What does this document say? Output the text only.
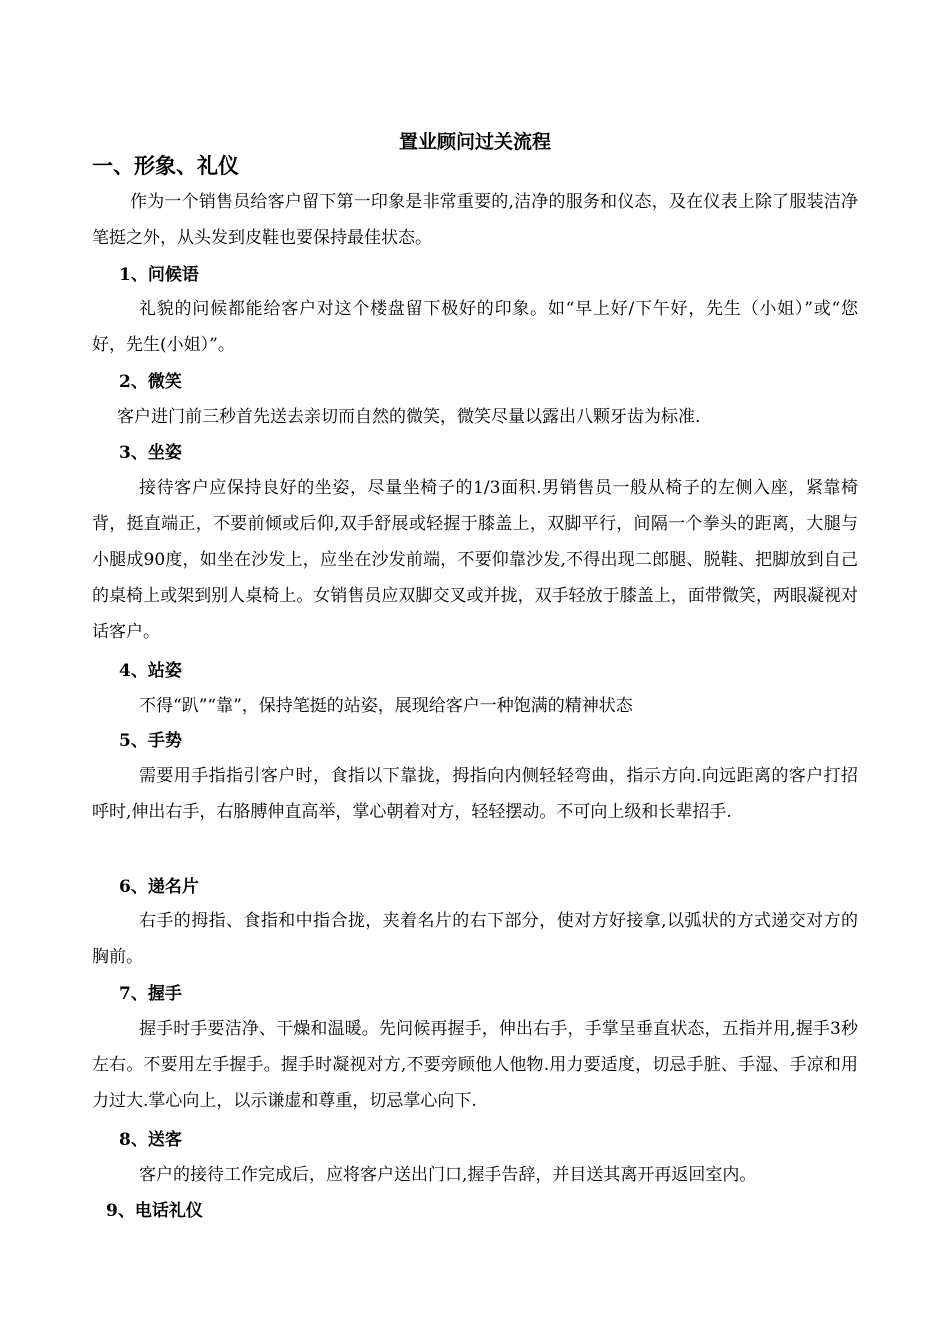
置业顾问过关流程
一、形象、礼仪

作为一个销售员给客户留下第一印象是非常重要的,洁净的服务和仪态，及在仪表上除了服装洁净笔挺之外，从头发到皮鞋也要保持最佳状态。

1、问候语

礼貌的问候都能给客户对这个楼盘留下极好的印象。如“早上好/下午好，先生（小姐）”或“您好，先生(小姐）”。

2、微笑

客户进门前三秒首先送去亲切而自然的微笑，微笑尽量以露出八颗牙齿为标准.

3、坐姿

接待客户应保持良好的坐姿，尽量坐椅子的1/3面积.男销售员一般从椅子的左侧入座，紧靠椅背，挺直端正，不要前倾或后仰,双手舒展或轻握于膝盖上，双脚平行，间隔一个拳头的距离，大腿与小腿成90度，如坐在沙发上，应坐在沙发前端，不要仰靠沙发,不得出现二郎腿、脱鞋、把脚放到自己的桌椅上或架到别人桌椅上。女销售员应双脚交叉或并拢，双手轻放于膝盖上，面带微笑，两眼凝视对话客户。

4、站姿

不得“趴”“靠”，保持笔挺的站姿，展现给客户一种饱满的精神状态

5、手势

需要用手指指引客户时，食指以下靠拢，拇指向内侧轻轻弯曲，指示方向.向远距离的客户打招呼时,伸出右手，右胳膊伸直高举，掌心朝着对方，轻轻摆动。不可向上级和长辈招手.

6、递名片

右手的拇指、食指和中指合拢，夹着名片的右下部分，使对方好接拿,以弧状的方式递交对方的胸前。

7、握手

握手时手要洁净、干燥和温暖。先问候再握手，伸出右手，手掌呈垂直状态，五指并用,握手3秒左右。不要用左手握手。握手时凝视对方,不要旁顾他人他物.用力要适度，切忌手脏、手湿、手凉和用力过大.掌心向上，以示谦虚和尊重，切忌掌心向下.

8、送客

客户的接待工作完成后，应将客户送出门口,握手告辞，并目送其离开再返回室内。

9、电话礼仪
